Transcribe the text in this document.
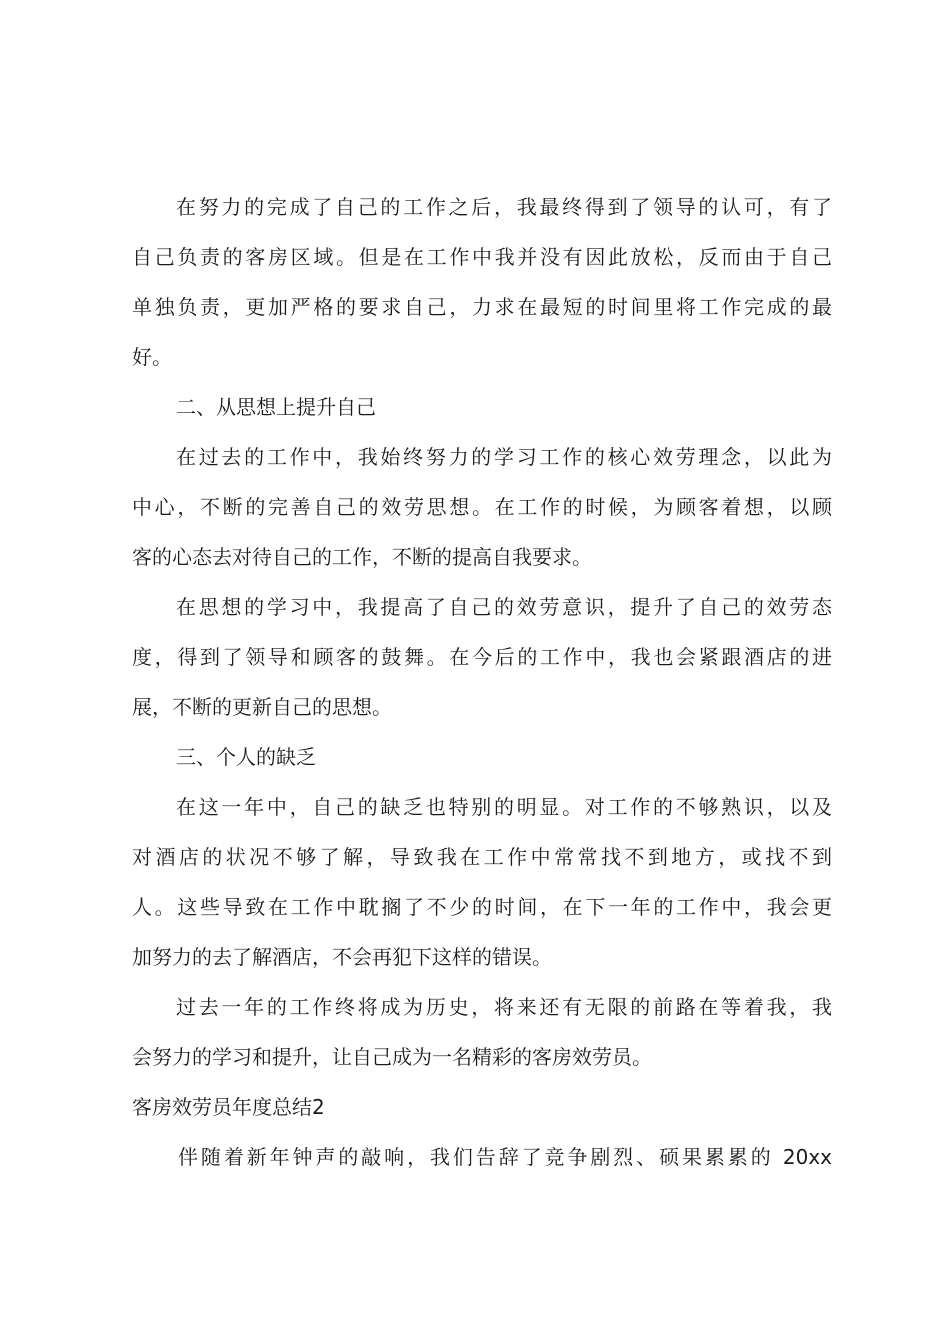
在努力的完成了自己的工作之后，我最终得到了领导的认可，有了

自己负责的客房区域。但是在工作中我并没有因此放松，反而由于自己

单独负责，更加严格的要求自己，力求在最短的时间里将工作完成的最

好。

二、从思想上提升自己

在过去的工作中，我始终努力的学习工作的核心效劳理念，以此为

中心，不断的完善自己的效劳思想。在工作的时候，为顾客着想，以顾

客的心态去对待自己的工作，不断的提高自我要求。

在思想的学习中，我提高了自己的效劳意识，提升了自己的效劳态

度，得到了领导和顾客的鼓舞。在今后的工作中，我也会紧跟酒店的进

展，不断的更新自己的思想。

三、个人的缺乏

在这一年中，自己的缺乏也特别的明显。对工作的不够熟识，以及

对酒店的状况不够了解，导致我在工作中常常找不到地方，或找不到

人。这些导致在工作中耽搁了不少的时间，在下一年的工作中，我会更

加努力的去了解酒店，不会再犯下这样的错误。

过去一年的工作终将成为历史，将来还有无限的前路在等着我，我

会努力的学习和提升，让自己成为一名精彩的客房效劳员。

客房效劳员年度总结2

伴随着新年钟声的敲响，我们告辞了竞争剧烈、硕果累累的 20xx
